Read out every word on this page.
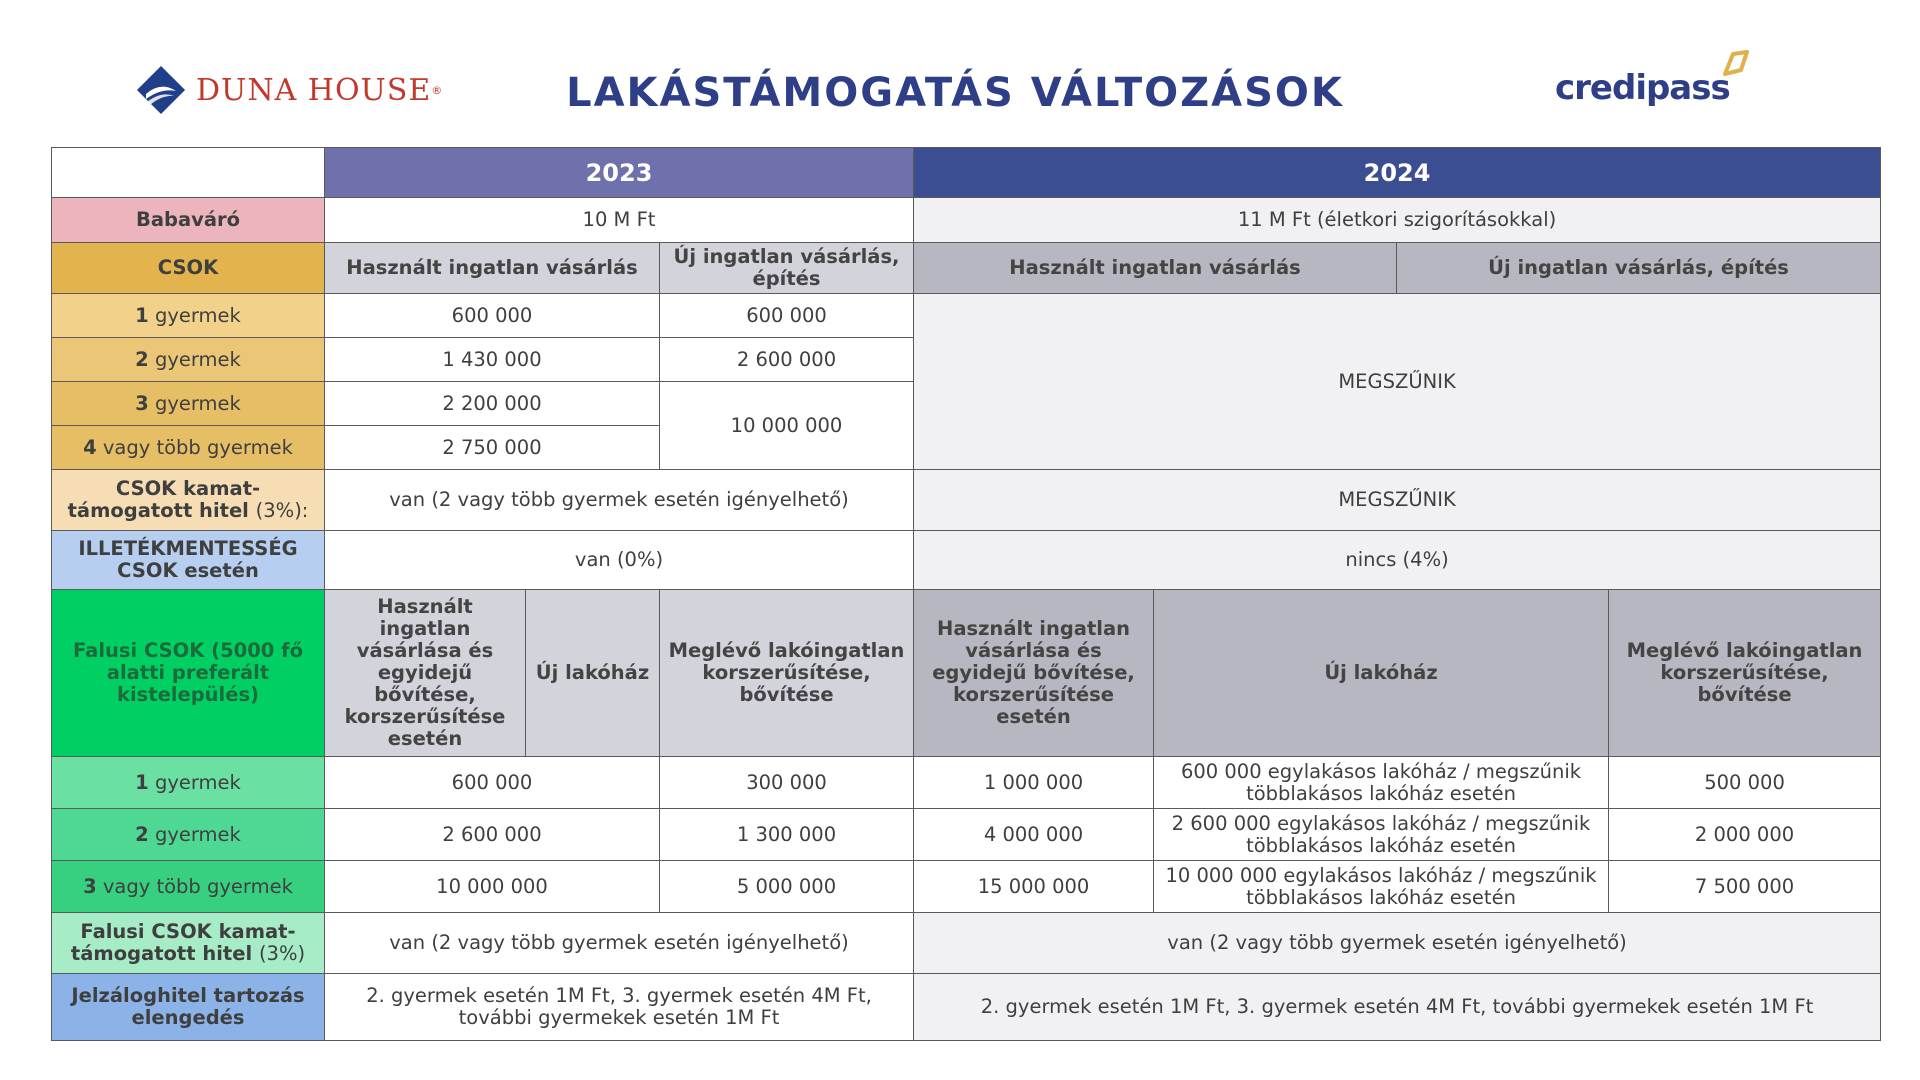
DUNA HOUSE ®	LAKÁSTÁMOGATÁS VÁLTOZÁSOK	credipass
	2023			2024			
Babaváró	10 M Ft			11 M Ft (életkori szigorításokkal)			
CSOK	Használt ingatlan vásárlás		Új ingatlan vásárlás, építés	Használt ingatlan vásárlás		Új ingatlan vásárlás, építés	
1 gyermek	600 000		600 000	MEGSZŰNIK			
2 gyermek	1 430 000		2 600 000				
3 gyermek	2 200 000		10 000 000				
4 vagy több gyermek	2 750 000						
CSOK kamat-támogatott hitel (3%):	van (2 vagy több gyermek esetén igényelhető)			MEGSZŰNIK			
ILLETÉKMENTESSÉG CSOK esetén	van (0%)			nincs (4%)			
Falusi CSOK (5000 fő alatti preferált kistelepülés)	Használt ingatlan vásárlása és egyidejű bővítése, korszerűsítése esetén	Új lakóház	Meglévő lakóingatlan korszerűsítése, bővítése	Használt ingatlan vásárlása és egyidejű bővítése, korszerűsítése esetén	Új lakóház		Meglévő lakóingatlan korszerűsítése, bővítése
1 gyermek	600 000		300 000	1 000 000	600 000 egylakásos lakóház / megszűnik többlakásos lakóház esetén		500 000
2 gyermek	2 600 000		1 300 000	4 000 000	2 600 000 egylakásos lakóház / megszűnik többlakásos lakóház esetén		2 000 000
3 vagy több gyermek	10 000 000		5 000 000	15 000 000	10 000 000 egylakásos lakóház / megszűnik többlakásos lakóház esetén		7 500 000
Falusi CSOK kamat-támogatott hitel (3%)	van (2 vagy több gyermek esetén igényelhető)			van (2 vagy több gyermek esetén igényelhető)			
Jelzáloghitel tartozás elengedés	2. gyermek esetén 1M Ft, 3. gyermek esetén 4M Ft, további gyermekek esetén 1M Ft			2. gyermek esetén 1M Ft, 3. gyermek esetén 4M Ft, további gyermekek esetén 1M Ft			
